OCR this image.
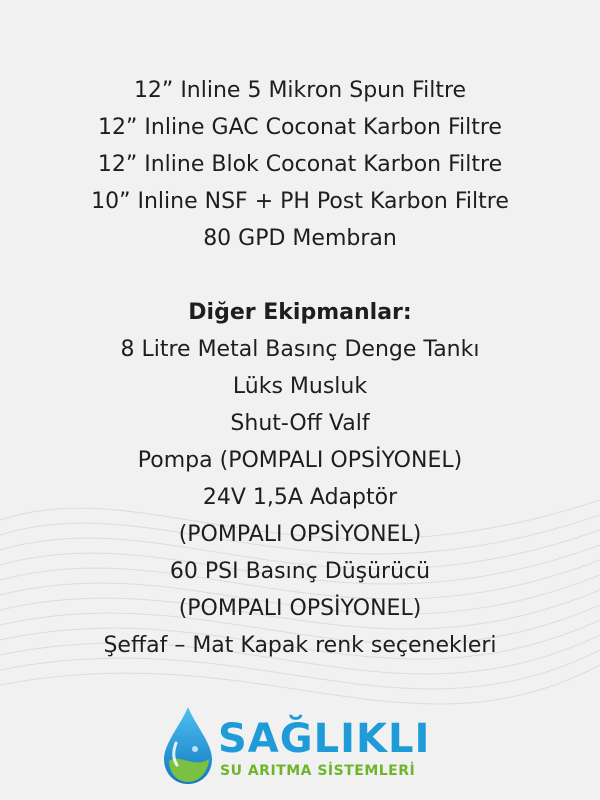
12” Inline 5 Mikron Spun Filtre
12” Inline GAC Coconat Karbon Filtre
12” Inline Blok Coconat Karbon Filtre
10” Inline NSF + PH Post Karbon Filtre
80 GPD Membran
Diğer Ekipmanlar:
8 Litre Metal Basınç Denge Tankı
Lüks Musluk
Shut-Off Valf
Pompa (POMPALI OPSİYONEL)
24V 1,5A Adaptör
(POMPALI OPSİYONEL)
60 PSI Basınç Düşürücü
(POMPALI OPSİYONEL)
Şeffaf – Mat Kapak renk seçenekleri
SAĞLIKLI
SU ARITMA SİSTEMLERİ
